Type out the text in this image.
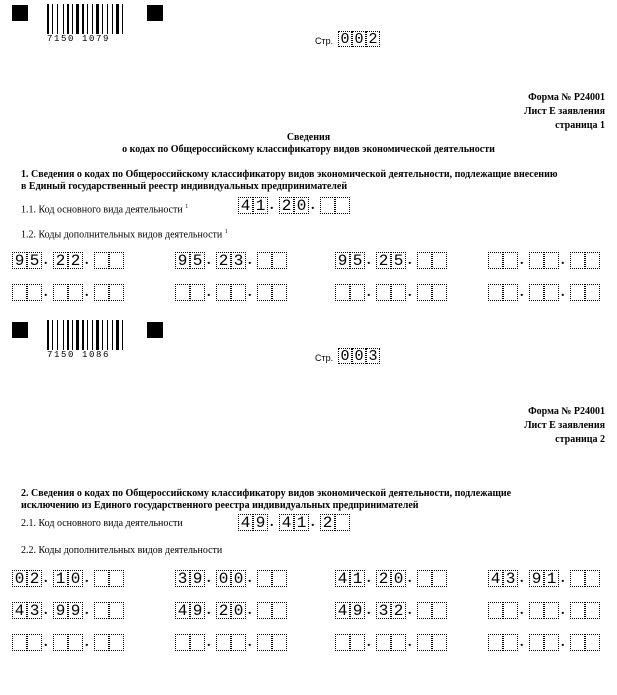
7150 1079	Стр. 0 0 2
Форма № Р24001
Лист Е заявления
страница 1
Сведения
о кодах по Общероссийскому классификатору видов экономической деятельности
1. Сведения о кодах по Общероссийскому классификатору видов экономической деятельности, подлежащие внесению
в Единый государственный реестр индивидуальных предпринимателей
1.1. Код основного вида деятельности $^1$	4 1 . 2 0 .
1.2. Коды дополнительных видов деятельности $^1$
9 5 . 2 2 .	9 5 . 2 3 .	9 5 . 2 5 .	.	.
.	.	.	.	.	.	.	.
7150 1086	Стр. 0 0 3
Форма № Р24001
Лист Е заявления
страница 2
2. Сведения о кодах по Общероссийскому классификатору видов экономической деятельности, подлежащие
исключению из Единого государственного реестра индивидуальных предпринимателей
2.1. Код основного вида деятельности	4 9 . 4 1 . 2
2.2. Коды дополнительных видов деятельности
0 2 . 1 0 .	3 9 . 0 0 .	4 1 . 2 0 .	4 3 . 9 1 .
4 3 . 9 9 .	4 9 . 2 0 .	4 9 . 3 2 .	.	.
.	.	.	.	.	.	.	.
